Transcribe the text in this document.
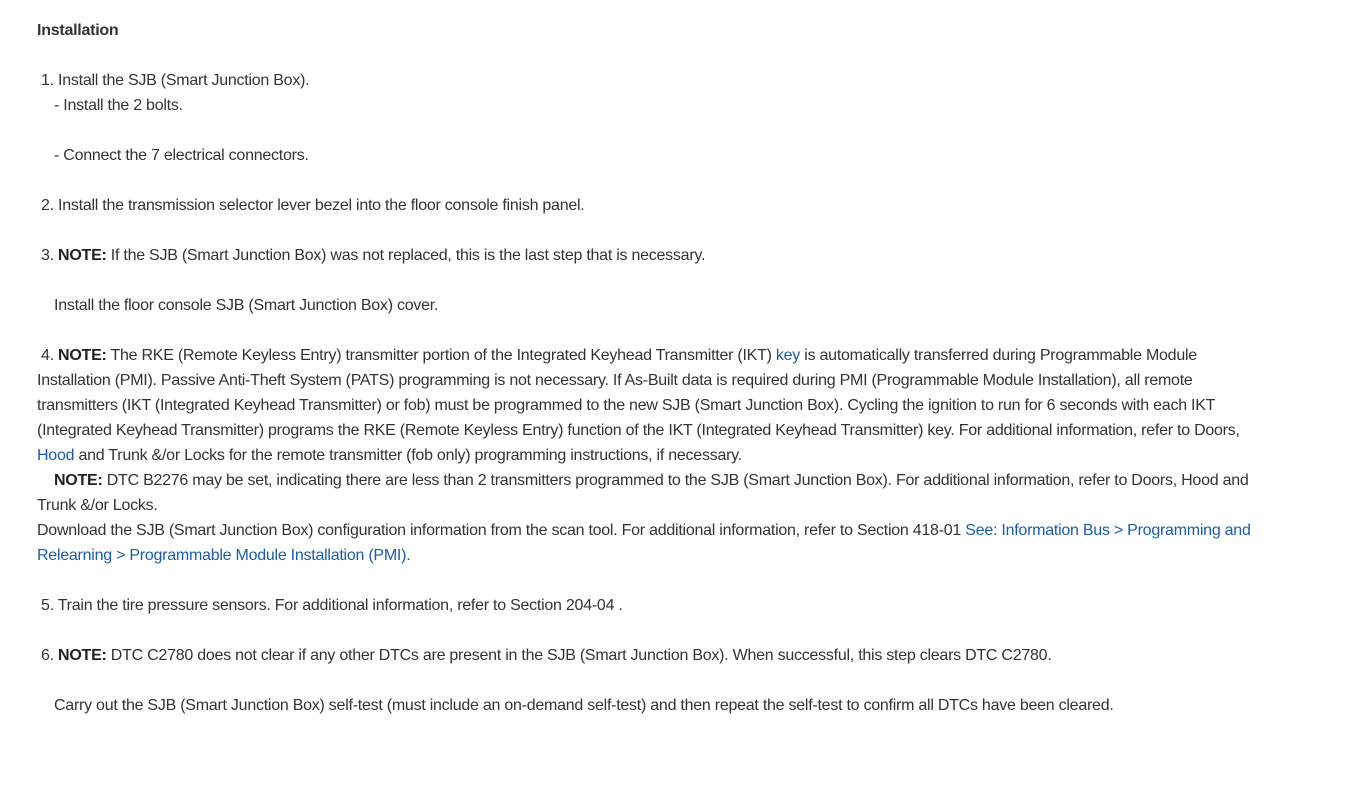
Installation

1. Install the SJB (Smart Junction Box).

- Install the 2 bolts.

- Connect the 7 electrical connectors.

2. Install the transmission selector lever bezel into the floor console finish panel.

3. NOTE: If the SJB (Smart Junction Box) was not replaced, this is the last step that is necessary.

Install the floor console SJB (Smart Junction Box) cover.

4. NOTE: The RKE (Remote Keyless Entry) transmitter portion of the Integrated Keyhead Transmitter (IKT) key is automatically transferred during Programmable Module Installation (PMI). Passive Anti-Theft System (PATS) programming is not necessary. If As-Built data is required during PMI (Programmable Module Installation), all remote transmitters (IKT (Integrated Keyhead Transmitter) or fob) must be programmed to the new SJB (Smart Junction Box). Cycling the ignition to run for 6 seconds with each IKT (Integrated Keyhead Transmitter) programs the RKE (Remote Keyless Entry) function of the IKT (Integrated Keyhead Transmitter) key. For additional information, refer to Doors, Hood and Trunk &/or Locks for the remote transmitter (fob only) programming instructions, if necessary.

NOTE: DTC B2276 may be set, indicating there are less than 2 transmitters programmed to the SJB (Smart Junction Box). For additional information, refer to Doors, Hood and Trunk &/or Locks.

Download the SJB (Smart Junction Box) configuration information from the scan tool. For additional information, refer to Section 418-01 See: Information Bus > Programming and Relearning > Programmable Module Installation (PMI).

5. Train the tire pressure sensors. For additional information, refer to Section 204-04 .

6. NOTE: DTC C2780 does not clear if any other DTCs are present in the SJB (Smart Junction Box). When successful, this step clears DTC C2780.

Carry out the SJB (Smart Junction Box) self-test (must include an on-demand self-test) and then repeat the self-test to confirm all DTCs have been cleared.
